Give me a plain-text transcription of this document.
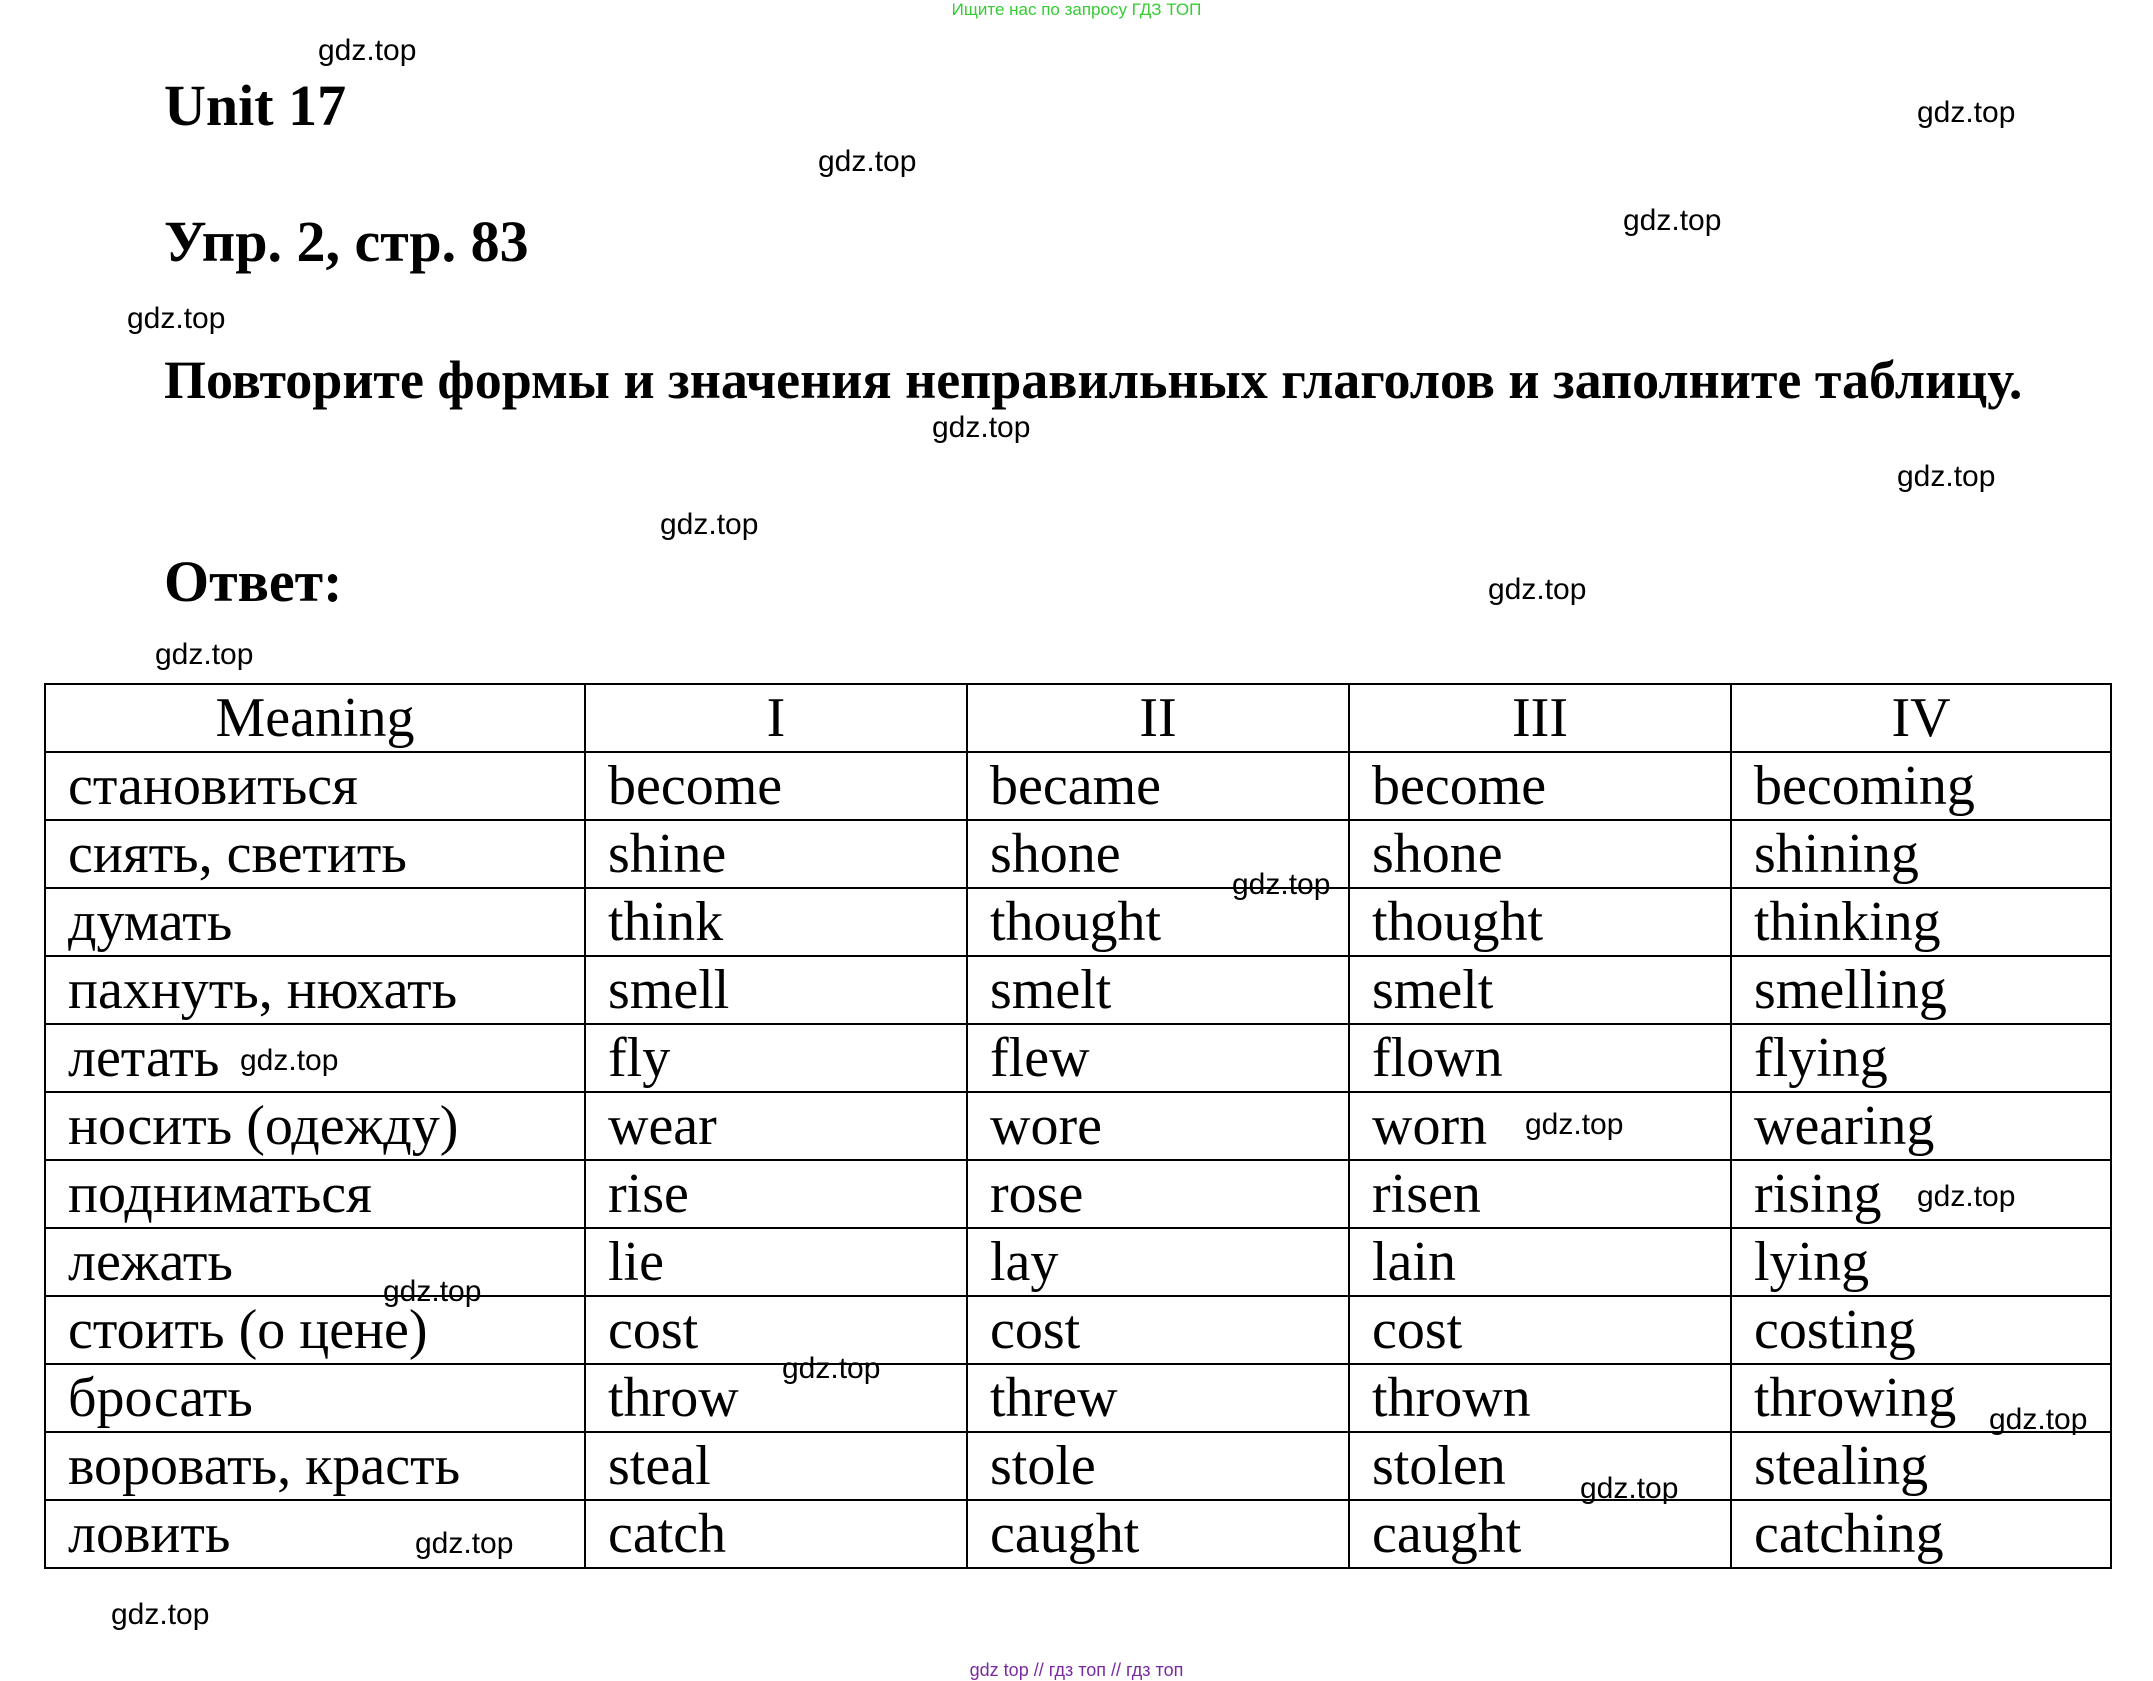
Ищите нас по запросу ГДЗ ТОП
Unit 17
Упр. 2, стр. 83
Повторите формы и значения неправильных глаголов и заполните таблицу.
Ответ:
Meaning	I	II	III	IV
становиться	become	became	become	becoming
сиять, светить	shine	shone	shone	shining
думать	think	thought	thought	thinking
пахнуть, нюхать	smell	smelt	smelt	smelling
летать	fly	flew	flown	flying
носить (одежду)	wear	wore	worn	wearing
подниматься	rise	rose	risen	rising
лежать	lie	lay	lain	lying
стоить (о цене)	cost	cost	cost	costing
бросать	throw	threw	thrown	throwing
воровать, красть	steal	stole	stolen	stealing
ловить	catch	caught	caught	catching
gdz.top
gdz.top
gdz.top
gdz.top
gdz.top
gdz.top
gdz.top
gdz.top
gdz.top
gdz.top
gdz.top
gdz.top
gdz.top
gdz.top
gdz.top
gdz.top
gdz.top
gdz.top
gdz.top
gdz.top
gdz top // гдз топ // гдз топ
